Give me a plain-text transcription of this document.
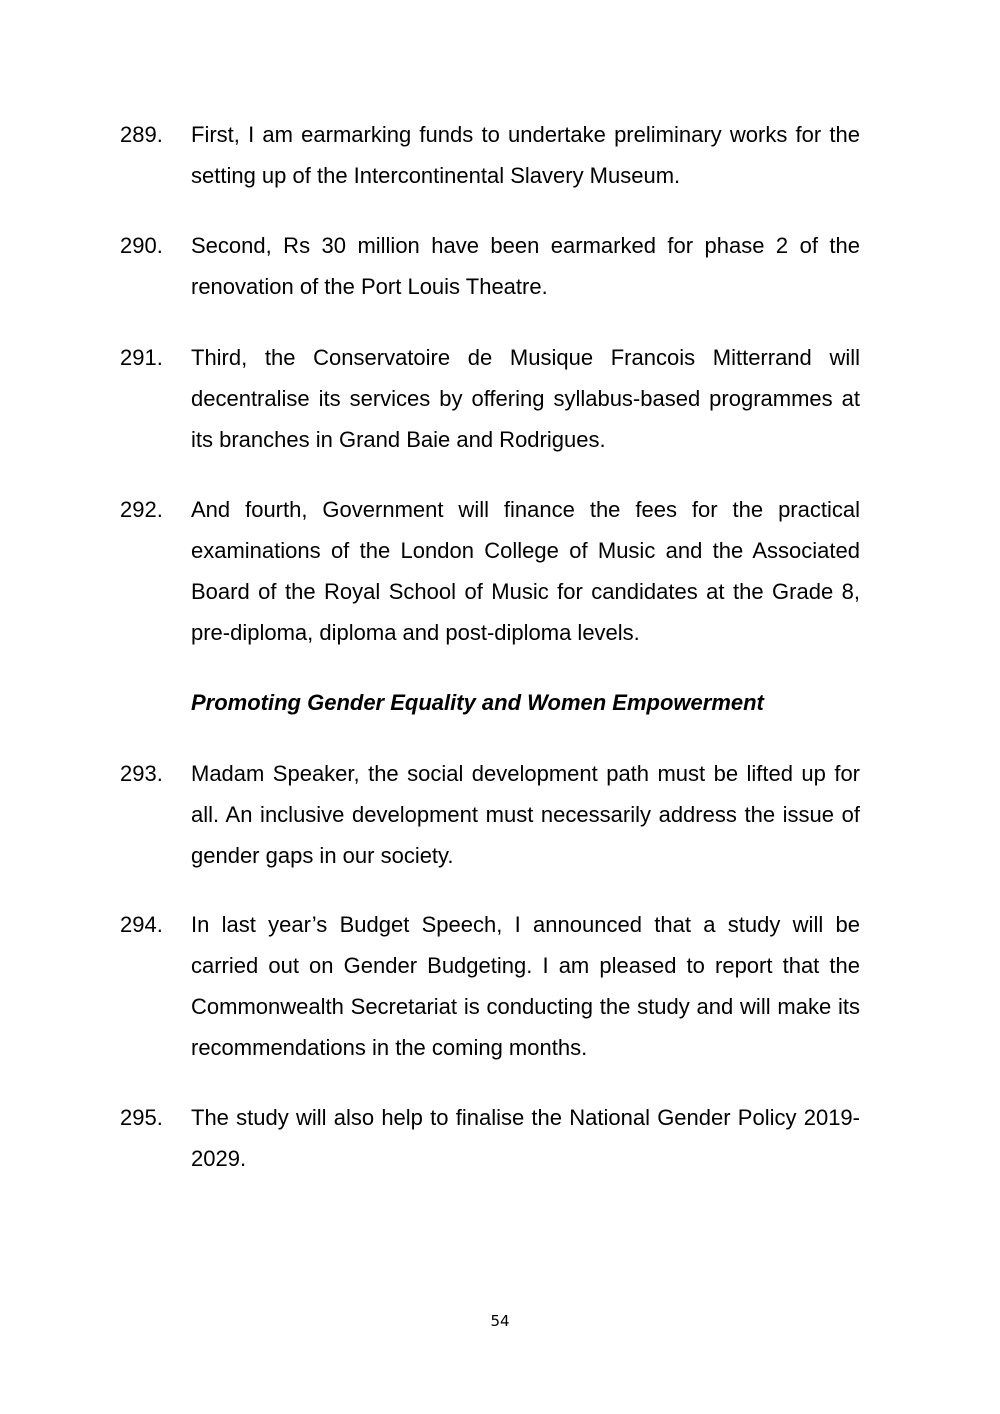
289. First, I am earmarking funds to undertake preliminary works for the setting up of the Intercontinental Slavery Museum.
290. Second, Rs 30 million have been earmarked for phase 2 of the renovation of the Port Louis Theatre.
291. Third, the Conservatoire de Musique Francois Mitterrand will decentralise its services by offering syllabus-based programmes at its branches in Grand Baie and Rodrigues.
292. And fourth, Government will finance the fees for the practical examinations of the London College of Music and the Associated Board of the Royal School of Music for candidates at the Grade 8, pre-diploma, diploma and post-diploma levels.
Promoting Gender Equality and Women Empowerment
293. Madam Speaker, the social development path must be lifted up for all. An inclusive development must necessarily address the issue of gender gaps in our society.
294. In last year’s Budget Speech, I announced that a study will be carried out on Gender Budgeting. I am pleased to report that the Commonwealth Secretariat is conducting the study and will make its recommendations in the coming months.
295. The study will also help to finalise the National Gender Policy 2019-2029.
54
